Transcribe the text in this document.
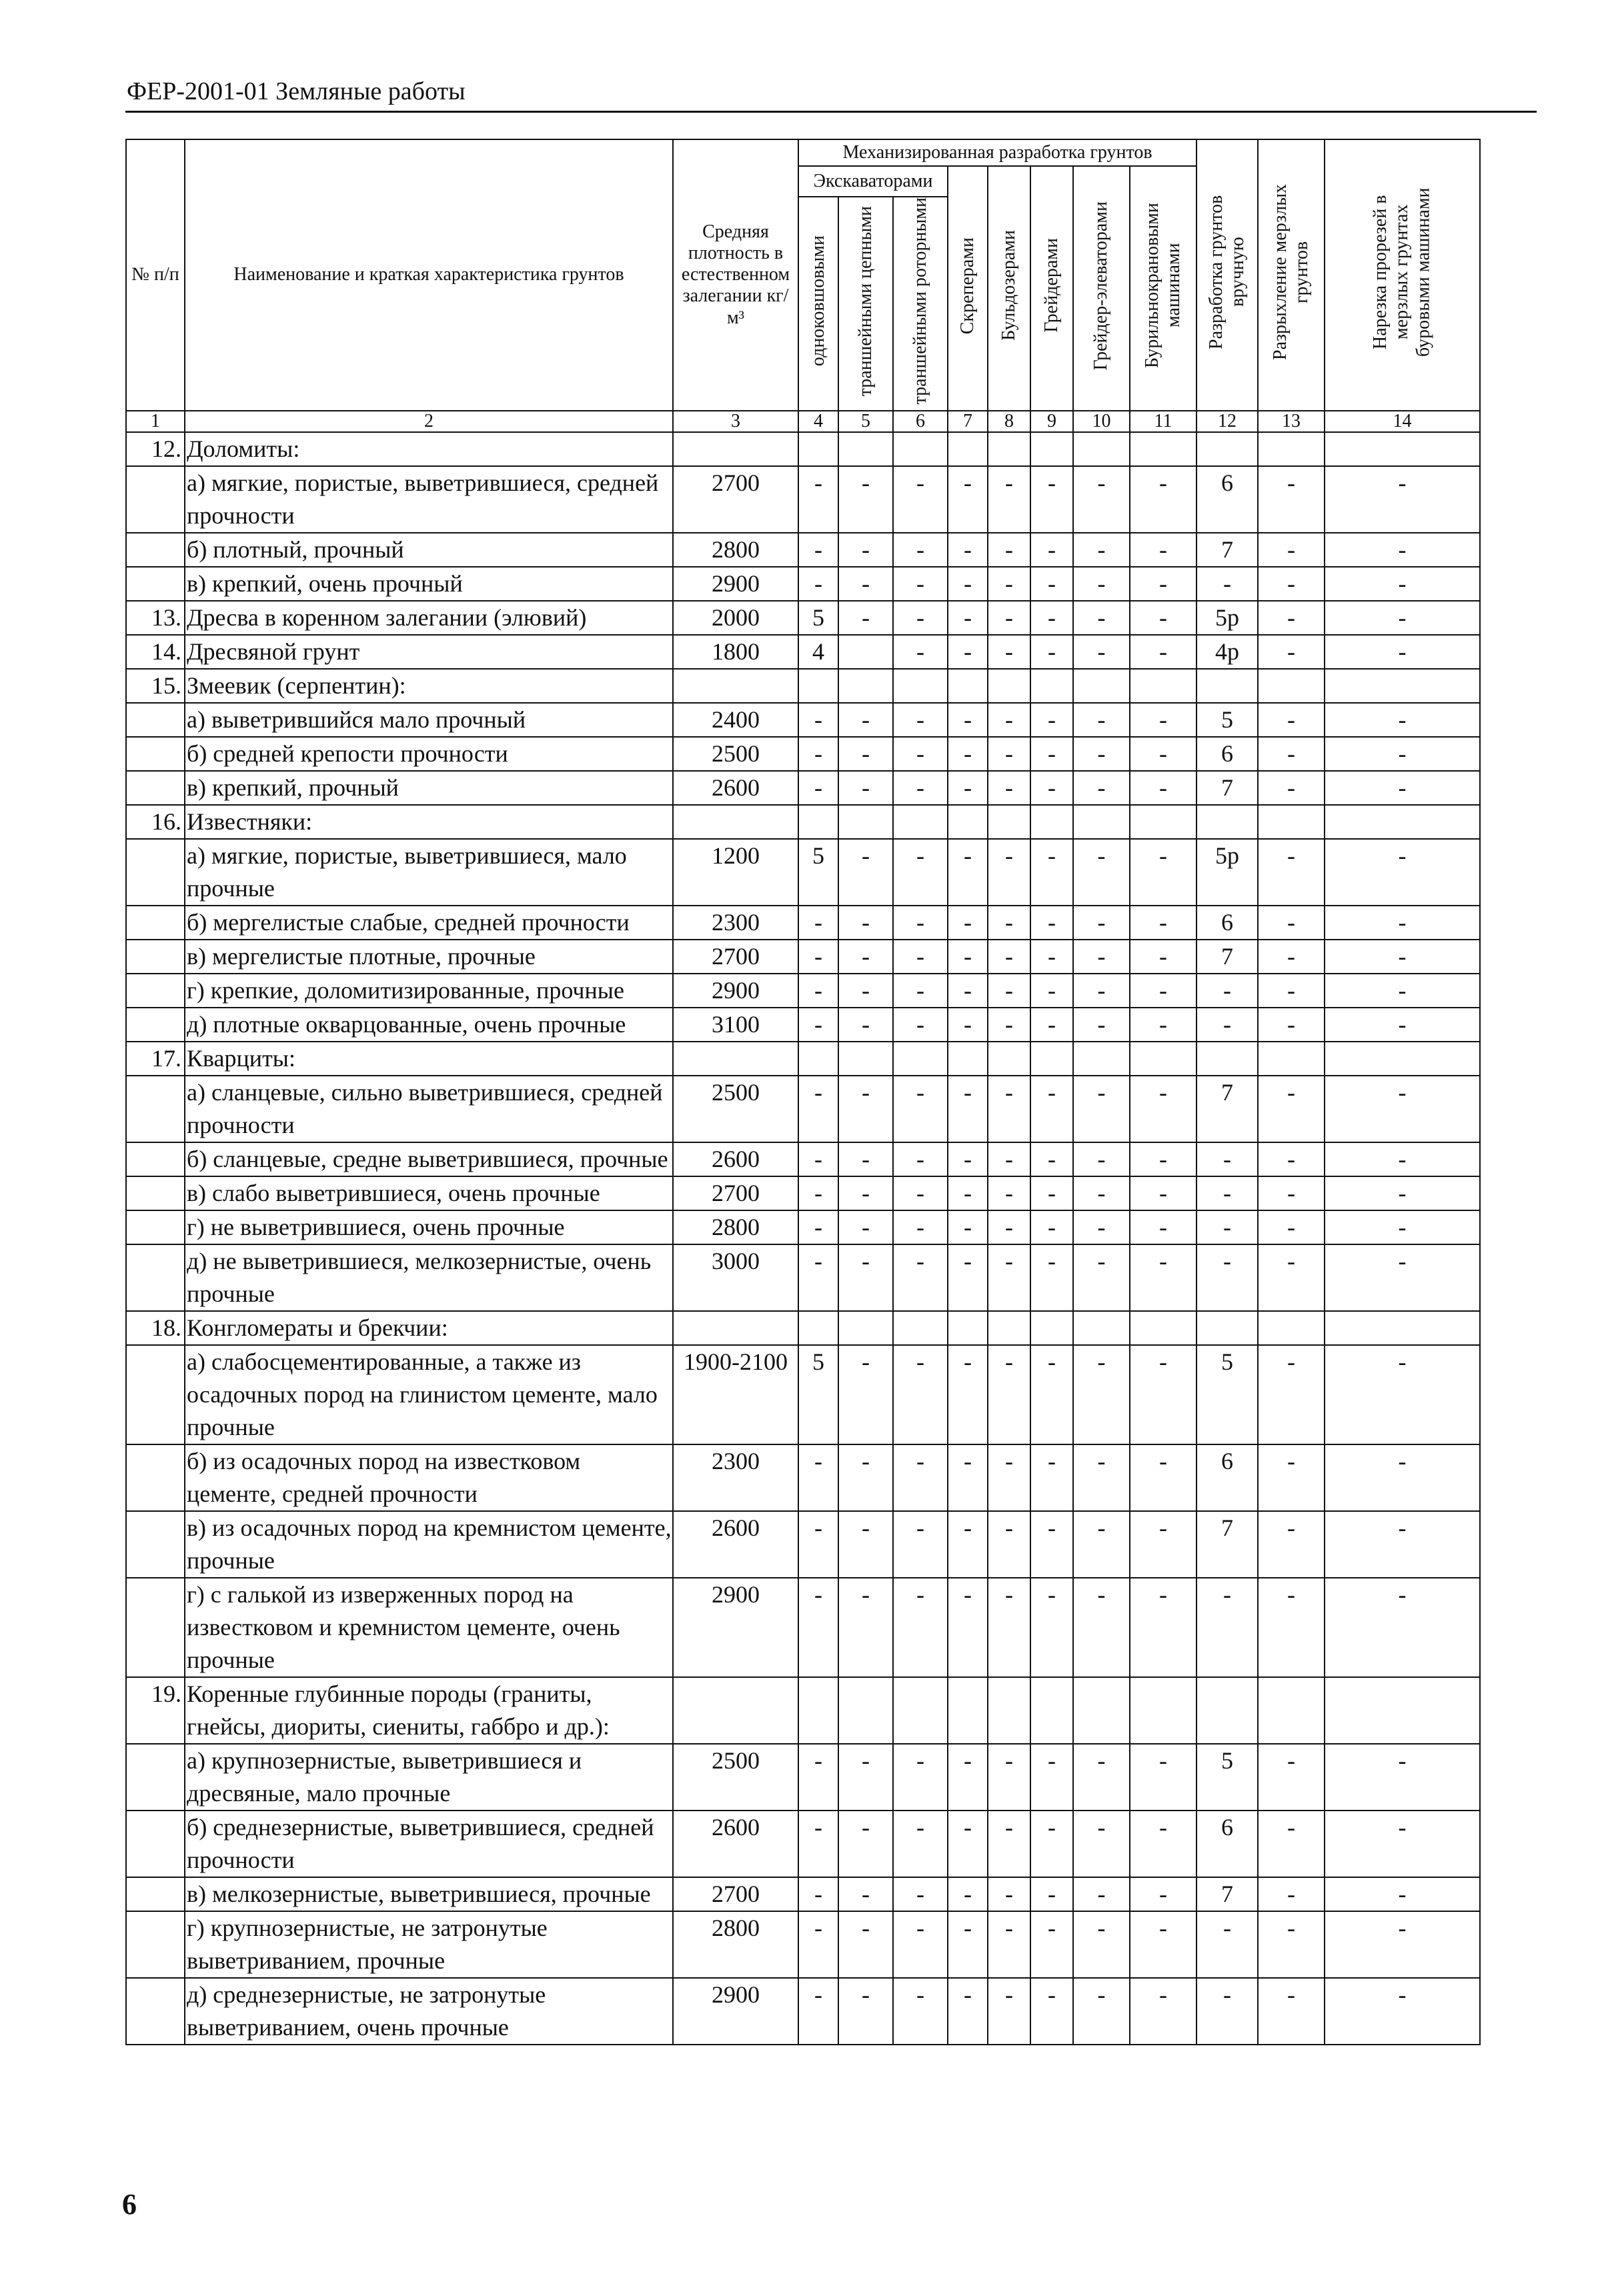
ФЕР-2001-01 Земляные работы
№ п/п	Наименование и краткая характеристика грунтов	Средняя плотность в естественном залегании кг/м³	Механизированная разработка грунтов								Разработка грунтов вручную	Разрыхление мерзлых грунтов	Нарезка прорезей в мерзлых грунтах буровыми машинами
			Экскаваторами			Скреперами	Бульдозерами	Грейдерами	Грейдер-элеваторами	Бурильнокрановыми машинами			
			одноковшовыми	траншейными цепными	траншейными роторными								
1	2	3	4	5	6	7	8	9	10	11	12	13	14
12.	Доломиты:												
	а) мягкие, пористые, выветрившиеся, средней прочности	2700	-	-	-	-	-	-	-	-	6	-	-
	б) плотный, прочный	2800	-	-	-	-	-	-	-	-	7	-	-
	в) крепкий, очень прочный	2900	-	-	-	-	-	-	-	-	-	-	-
13.	Дресва в коренном залегании (элювий)	2000	5	-	-	-	-	-	-	-	5р	-	-
14.	Дресвяной грунт	1800	4		-	-	-	-	-	-	4р	-	-
15.	Змеевик (серпентин):												
	а) выветрившийся мало прочный	2400	-	-	-	-	-	-	-	-	5	-	-
	б) средней крепости прочности	2500	-	-	-	-	-	-	-	-	6	-	-
	в) крепкий, прочный	2600	-	-	-	-	-	-	-	-	7	-	-
16.	Известняки:												
	а) мягкие, пористые, выветрившиеся, мало прочные	1200	5	-	-	-	-	-	-	-	5р	-	-
	б) мергелистые слабые, средней прочности	2300	-	-	-	-	-	-	-	-	6	-	-
	в) мергелистые плотные, прочные	2700	-	-	-	-	-	-	-	-	7	-	-
	г) крепкие, доломитизированные, прочные	2900	-	-	-	-	-	-	-	-	-	-	-
	д) плотные окварцованные, очень прочные	3100	-	-	-	-	-	-	-	-	-	-	-
17.	Кварциты:												
	а) сланцевые, сильно выветрившиеся, средней прочности	2500	-	-	-	-	-	-	-	-	7	-	-
	б) сланцевые, средне выветрившиеся, прочные	2600	-	-	-	-	-	-	-	-	-	-	-
	в) слабо выветрившиеся, очень прочные	2700	-	-	-	-	-	-	-	-	-	-	-
	г) не выветрившиеся, очень прочные	2800	-	-	-	-	-	-	-	-	-	-	-
	д) не выветрившиеся, мелкозернистые, очень прочные	3000	-	-	-	-	-	-	-	-	-	-	-
18.	Конгломераты и брекчии:												
	а) слабосцементированные, а также из осадочных пород на глинистом цементе, мало прочные	1900-2100	5	-	-	-	-	-	-	-	5	-	-
	б) из осадочных пород на известковом цементе, средней прочности	2300	-	-	-	-	-	-	-	-	6	-	-
	в) из осадочных пород на кремнистом цементе, прочные	2600	-	-	-	-	-	-	-	-	7	-	-
	г) с галькой из изверженных пород на известковом и кремнистом цементе, очень прочные	2900	-	-	-	-	-	-	-	-	-	-	-
19.	Коренные глубинные породы (граниты, гнейсы, диориты, сиениты, габбро и др.):												
	а) крупнозернистые, выветрившиеся и дресвяные, мало прочные	2500	-	-	-	-	-	-	-	-	5	-	-
	б) среднезернистые, выветрившиеся, средней прочности	2600	-	-	-	-	-	-	-	-	6	-	-
	в) мелкозернистые, выветрившиеся, прочные	2700	-	-	-	-	-	-	-	-	7	-	-
	г) крупнозернистые, не затронутые выветриванием, прочные	2800	-	-	-	-	-	-	-	-	-	-	-
	д) среднезернистые, не затронутые выветриванием, очень прочные	2900	-	-	-	-	-	-	-	-	-	-	-
6
